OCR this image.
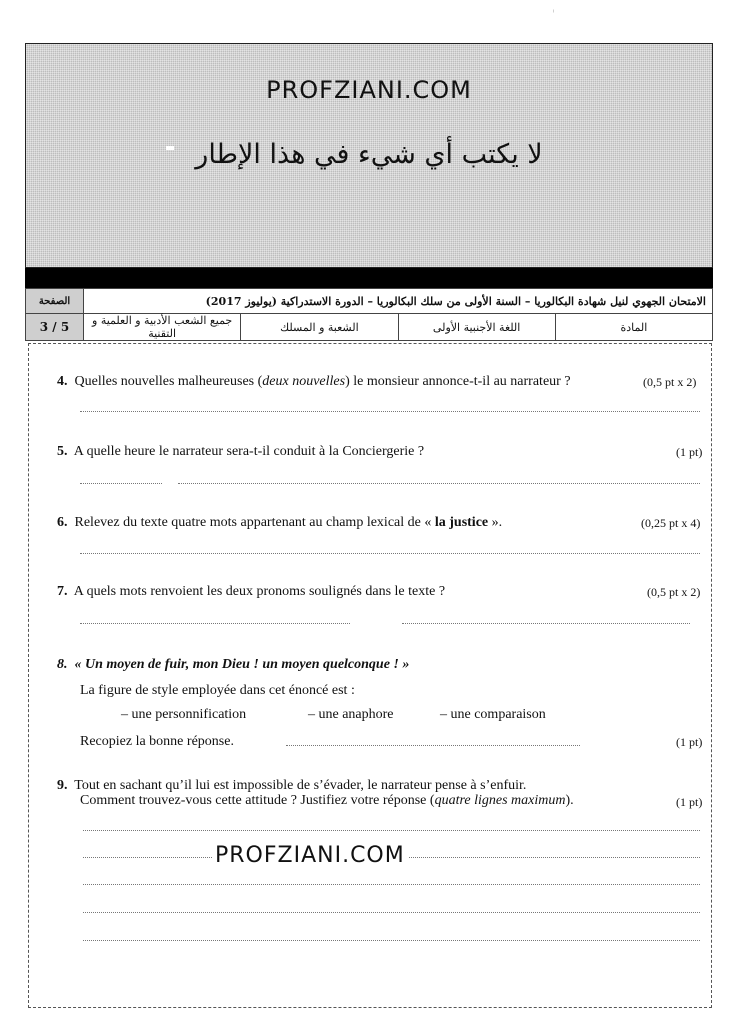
ⁱ
PROFZIANI.COM
لا يكتب أي شيء في هذا الإطار
الامتحان الجهوي لنيل شهادة البكالوريا – السنة الأولى من سلك البكالوريا – الدورة الاستدراكية (يوليوز 2017)				الصفحة
المادة	اللغة الأجنبية الأولى	الشعبة و المسلك	جميع الشعب الأدبية و العلمية و التقنية	5 / 3
4. Quelles nouvelles malheureuses (deux nouvelles) le monsieur annonce-t-il au narrateur ?	(0,5 pt x 2)
5. A quelle heure le narrateur sera-t-il conduit à la Conciergerie ?	(1 pt)
6. Relevez du texte quatre mots appartenant au champ lexical de « la justice ».	(0,25 pt x 4)
7. A quels mots renvoient les deux pronoms soulignés dans le texte ?	(0,5 pt x 2)
8. « Un moyen de fuir, mon Dieu ! un moyen quelconque ! »
La figure de style employée dans cet énoncé est :
– une personnification	– une anaphore	– une comparaison
Recopiez la bonne réponse.	(1 pt)
9. Tout en sachant qu’il lui est impossible de s’évader, le narrateur pense à s’enfuir.
Comment trouvez-vous cette attitude ? Justifiez votre réponse (quatre lignes maximum).	(1 pt)
PROFZIANI.COM
